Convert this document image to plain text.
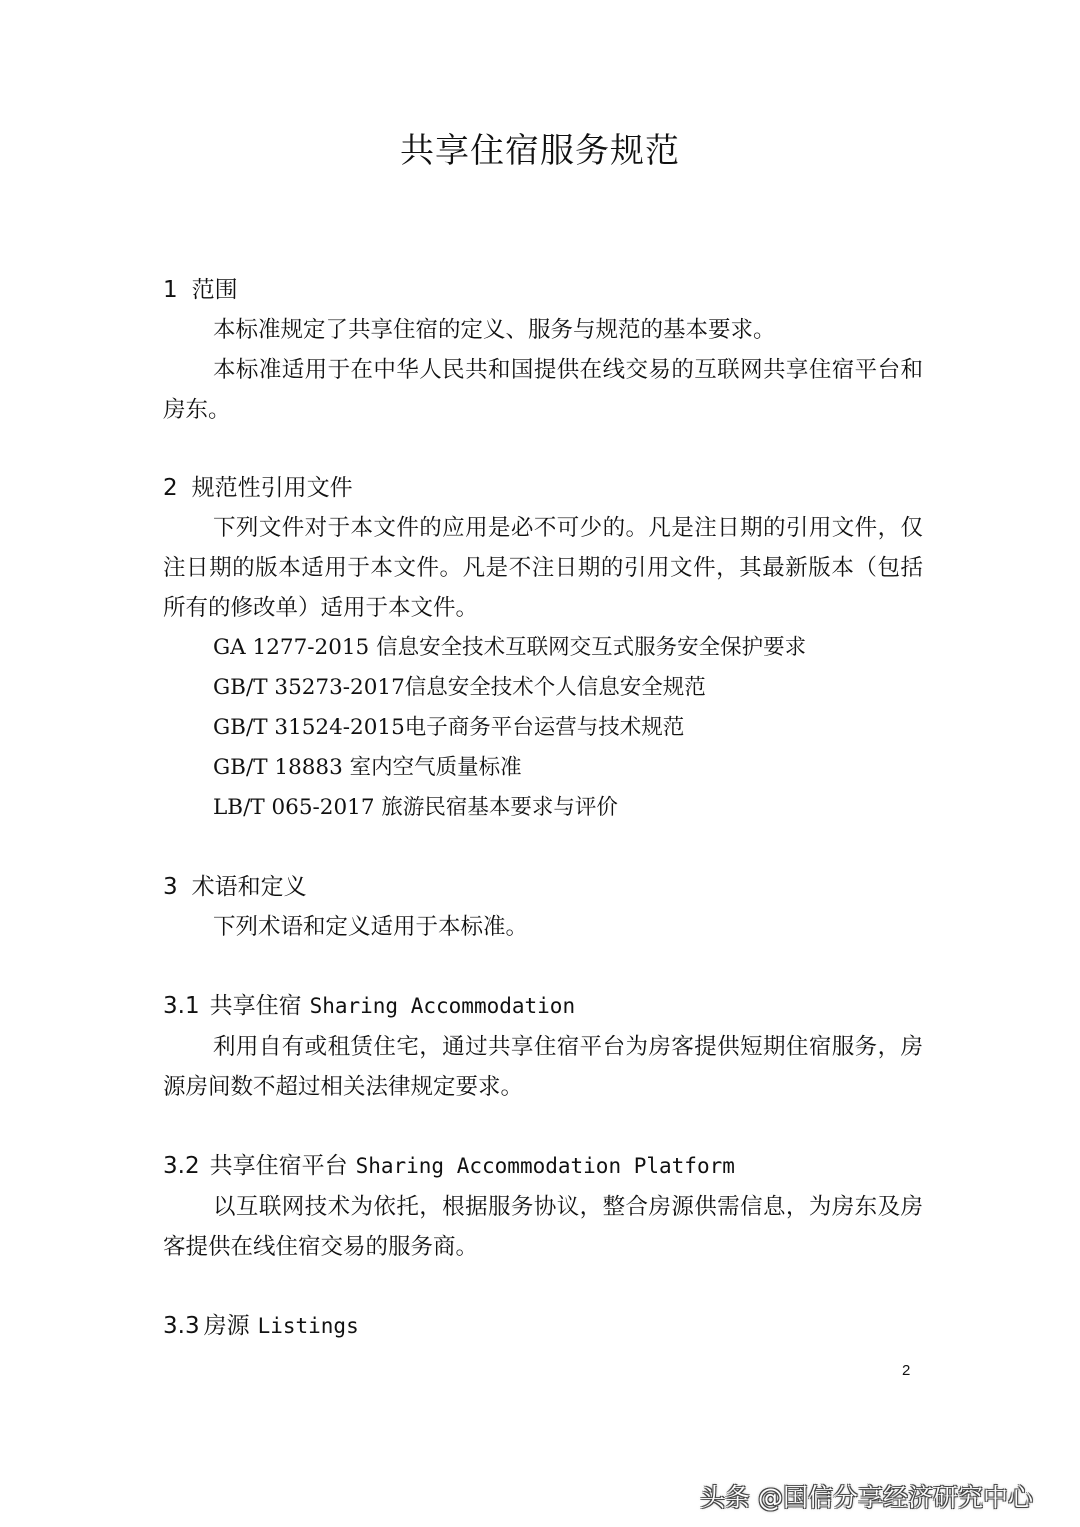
共享住宿服务规范
1 范围

本标准规定了共享住宿的定义、服务与规范的基本要求。

本标准适用于在中华人民共和国提供在线交易的互联网共享住宿平台和房东。

2 规范性引用文件

下列文件对于本文件的应用是必不可少的。凡是注日期的引用文件，仅注日期的版本适用于本文件。凡是不注日期的引用文件，其最新版本（包括所有的修改单）适用于本文件。

GA 1277-2015 信息安全技术互联网交互式服务安全保护要求
GB/T 35273-2017信息安全技术个人信息安全规范
GB/T 31524-2015电子商务平台运营与技术规范
GB/T 18883 室内空气质量标准
LB/T 065-2017 旅游民宿基本要求与评价
3 术语和定义

下列术语和定义适用于本标准。

3.1 共享住宿 Sharing Accommodation

利用自有或租赁住宅，通过共享住宿平台为房客提供短期住宿服务，房源房间数不超过相关法律规定要求。

3.2 共享住宿平台 Sharing Accommodation Platform

以互联网技术为依托，根据服务协议，整合房源供需信息，为房东及房客提供在线住宿交易的服务商。

3.3 房源 Listings
2
头条 @国信分享经济研究中心
